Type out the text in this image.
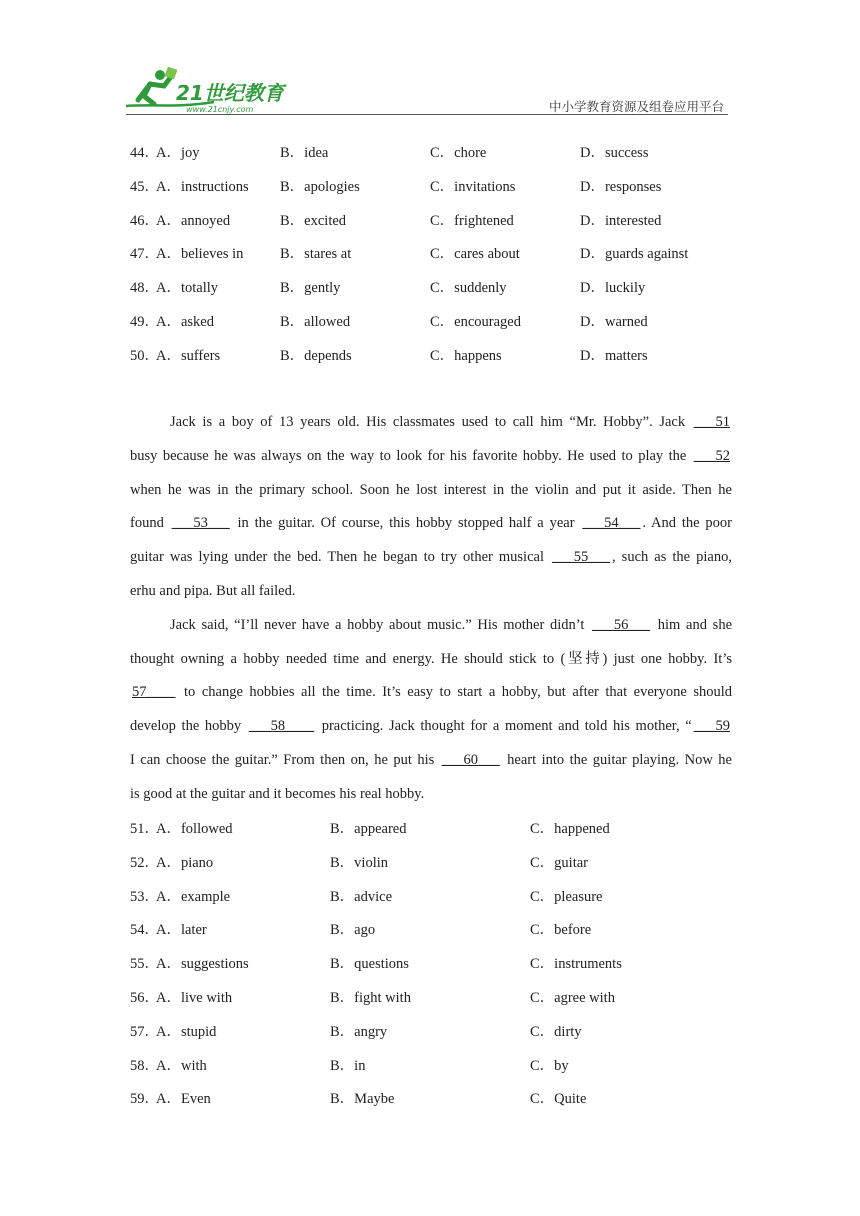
21世纪教育
www.21cnjy.com	中小学教育资源及组卷应用平台
44．
A．joy	B．idea	C．chore	D．success
45．
A．instructions B．apologies	C．invitations	D．responses
46．
A．annoyed	B．excited	C．frightened	D．interested
47．
A．believes in	B．stares at	C．cares about	D．guards against
48．
A．totally	B．gently	C．suddenly	D．luckily
49．
A．asked	B．allowed	C．encouraged	D．warned
50．
A．suffers	B．depends	C．happens	D．matters
Jack is a boy of 13 years old. His classmates used to call him “Mr. Hobby”. Jack ___51
busy because he was always on the way to look for his favorite hobby. He used to play the ___52
when he was in the primary school. Soon he lost interest in the violin and put it aside. Then he
found ___53___ in the guitar. Of course, this hobby stopped half a year ___54___ . And the poor
guitar was lying under the bed. Then he began to try other musical ___55___ , such as the piano,
erhu and pipa. But all failed.
Jack said, “I’ll never have a hobby about music.” His mother didn’t ___56___ him and she
thought owning a hobby needed time and energy. He should stick to (坚持) just one hobby. It’s
57____ to change hobbies all the time. It’s easy to start a hobby, but after that everyone should
develop the hobby ___58____ practicing. Jack thought for a moment and told his mother, “ ___59
I can choose the guitar.” From then on, he put his ___60___ heart into the guitar playing. Now he
is good at the guitar and it becomes his real hobby.
51．
A．followed	B．appeared	C．happened
52．
A．piano	B．violin	C．guitar
53．
A．example	B．advice	C．pleasure
54．
A．later	B．ago	C．before
55．
A．suggestions	B．questions	C．instruments
56．
A．live with	B．fight with	C．agree with
57．
A．stupid	B．angry	C．dirty
58．
A．with	B．in	C．by
59．
A．Even	B．Maybe	C．Quite
